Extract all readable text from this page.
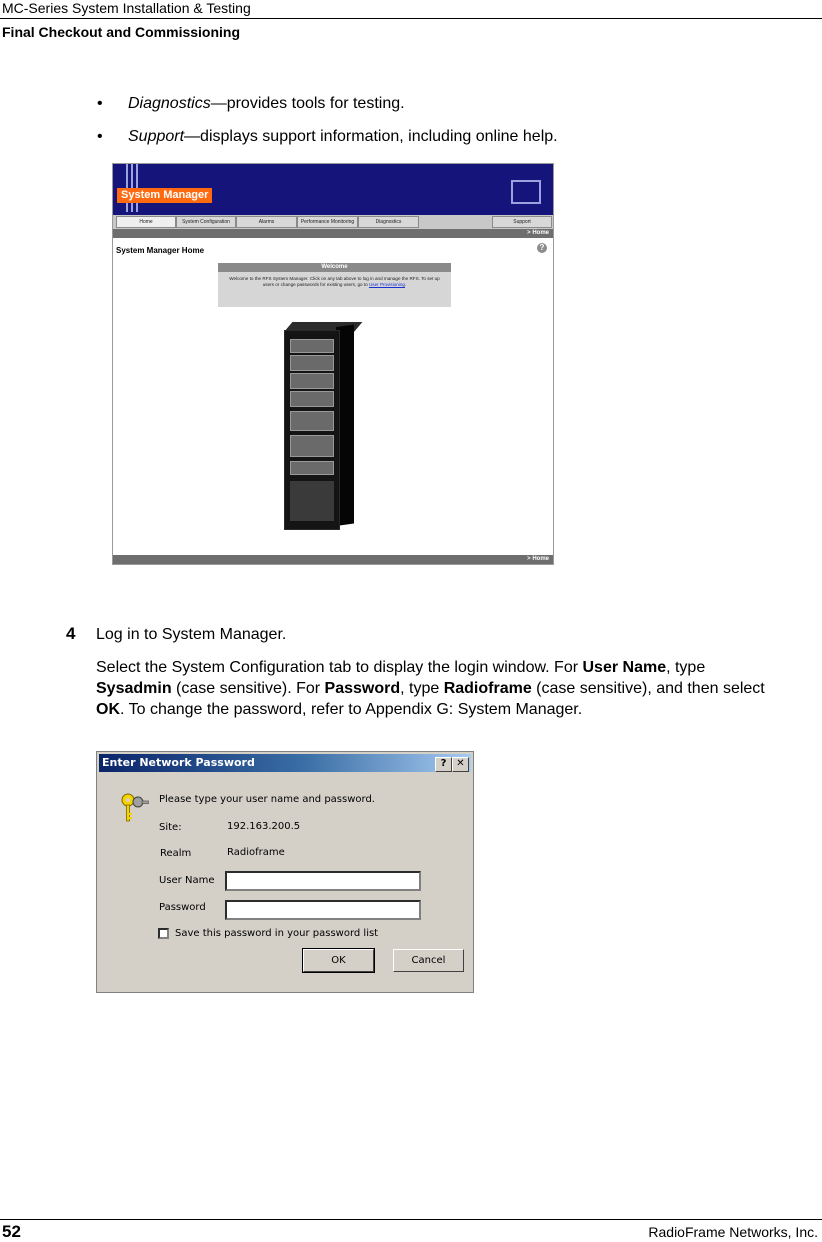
MC-Series System Installation & Testing
Final Checkout and Commissioning
•	Diagnostics—provides tools for testing.
•	Support—displays support information, including online help.
System Manager
Home	System Configuration	Alarms	Performance Monitoring	Diagnostics	Support
> Home
System Manager Home	?
Welcome
Welcome to the RFS System Manager. Click on any tab above to log in and manage the RFS. To set up users or change passwords for existing users, go to User Provisioning.
> Home
4 Log in to System Manager.
Select the System Configuration tab to display the login window. For User Name, type Sysadmin (case sensitive). For Password, type Radioframe (case sensitive), and then select OK. To change the password, refer to Appendix G: System Manager.
Enter Network Password	? ✕
Please type your user name and password.
Site:	192.163.200.5
Realm	Radioframe
User Name
Password
Save this password in your password list
OK	Cancel
52	RadioFrame Networks, Inc.
